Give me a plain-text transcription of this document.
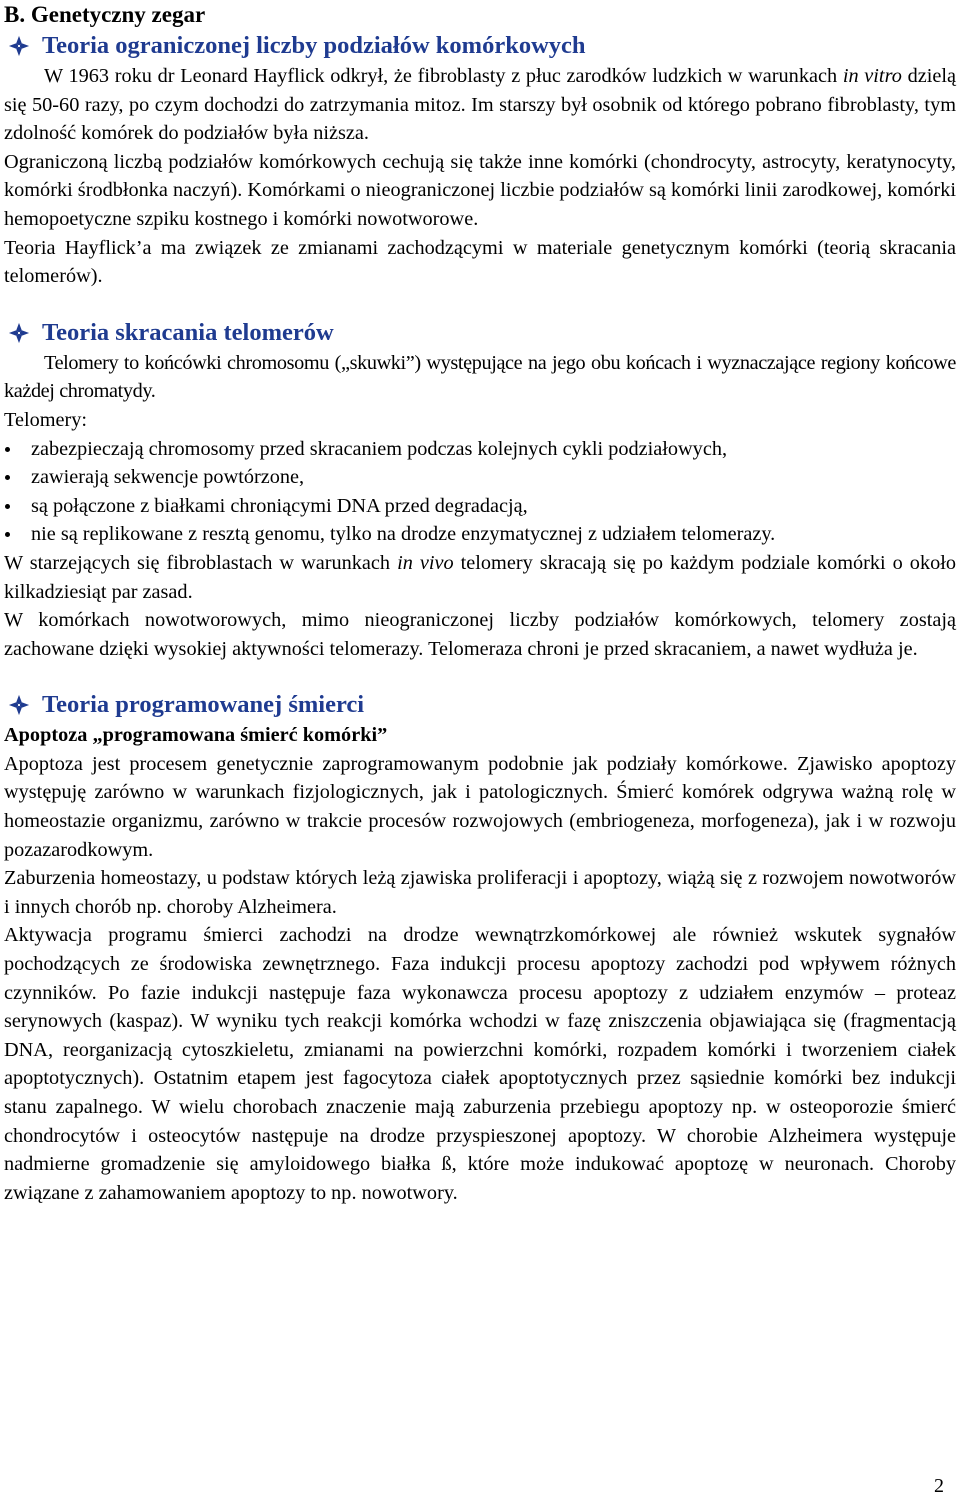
B. Genetyczny zegar
Teoria ograniczonej liczby podziałów komórkowych

W 1963 roku dr Leonard Hayflick odkrył, że fibroblasty z płuc zarodków ludzkich w warunkach in vitro dzielą się 50-60 razy, po czym dochodzi do zatrzymania mitoz. Im starszy był osobnik od którego pobrano fibroblasty, tym zdolność komórek do podziałów była niższa.

Ograniczoną liczbą podziałów komórkowych cechują się także inne komórki (chondrocyty, astrocyty, keratynocyty, komórki środbłonka naczyń). Komórkami o nieograniczonej liczbie podziałów są komórki linii zarodkowej, komórki hemopoetyczne szpiku kostnego i komórki nowotworowe.

Teoria Hayflick’a ma związek ze zmianami zachodzącymi w materiale genetycznym komórki (teorią skracania telomerów).

Teoria skracania telomerów

Telomery to końcówki chromosomu („skuwki”) występujące na jego obu końcach i wyznaczające regiony końcowe każdej chromatydy.

Telomery:

zabezpieczają chromosomy przed skracaniem podczas kolejnych cykli podziałowych,
zawierają sekwencje powtórzone,
są połączone z białkami chroniącymi DNA przed degradacją,
nie są replikowane z resztą genomu, tylko na drodze enzymatycznej z udziałem telomerazy.

W starzejących się fibroblastach w warunkach in vivo telomery skracają się po każdym podziale komórki o około kilkadziesiąt par zasad.

W komórkach nowotworowych, mimo nieograniczonej liczby podziałów komórkowych, telomery zostają zachowane dzięki wysokiej aktywności telomerazy. Telomeraza chroni je przed skracaniem, a nawet wydłuża je.

Teoria programowanej śmierci

Apoptoza „programowana śmierć komórki”

Apoptoza jest procesem genetycznie zaprogramowanym podobnie jak podziały komórkowe. Zjawisko apoptozy występuję zarówno w warunkach fizjologicznych, jak i patologicznych. Śmierć komórek odgrywa ważną rolę w homeostazie organizmu, zarówno w trakcie procesów rozwojowych (embriogeneza, morfogeneza), jak i w rozwoju pozazarodkowym.

Zaburzenia homeostazy, u podstaw których leżą zjawiska proliferacji i apoptozy, wiążą się z rozwojem nowotworów i innych chorób np. choroby Alzheimera.

Aktywacja programu śmierci zachodzi na drodze wewnątrzkomórkowej ale również wskutek sygnałów pochodzących ze środowiska zewnętrznego. Faza indukcji procesu apoptozy zachodzi pod wpływem różnych czynników. Po fazie indukcji następuje faza wykonawcza procesu apoptozy z udziałem enzymów – proteaz serynowych (kaspaz). W wyniku tych reakcji komórka wchodzi w fazę zniszczenia objawiająca się (fragmentacją DNA, reorganizacją cytoszkieletu, zmianami na powierzchni komórki, rozpadem komórki i tworzeniem ciałek apoptotycznych). Ostatnim etapem jest fagocytoza ciałek apoptotycznych przez sąsiednie komórki bez indukcji stanu zapalnego. W wielu chorobach znaczenie mają zaburzenia przebiegu apoptozy np. w osteoporozie śmierć chondrocytów i osteocytów następuje na drodze przyspieszonej apoptozy. W chorobie Alzheimera występuje nadmierne gromadzenie się amyloidowego białka ß, które może indukować apoptozę w neuronach. Choroby związane z zahamowaniem apoptozy to np. nowotwory.

2
